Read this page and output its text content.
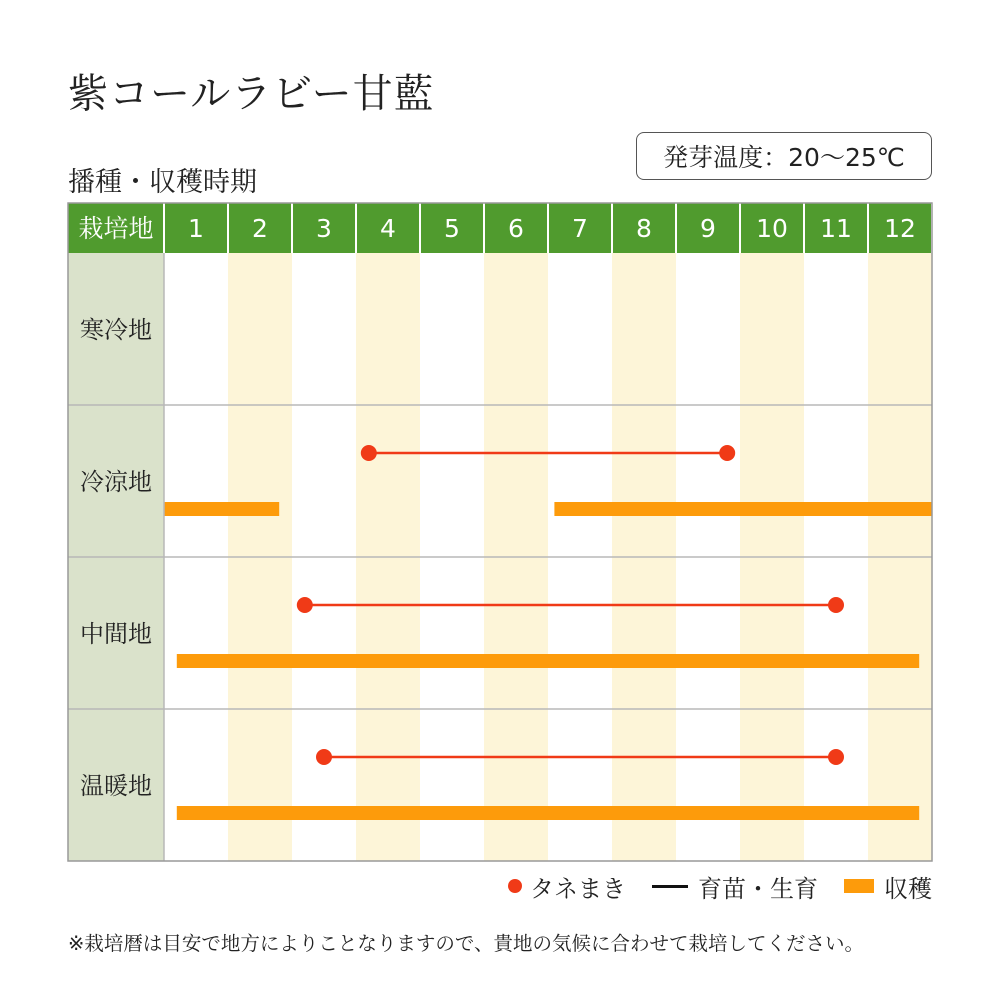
紫コールラビー甘藍
播種・収穫時期
発芽温度：20～25℃
栽培地 1 2 3 4 5 6 7 8 9 10 11 12
寒冷地
冷涼地
中間地
温暖地
タネまき	育苗・生育	収穫
※栽培暦は目安で地方によりことなりますので、貴地の気候に合わせて栽培してください。
